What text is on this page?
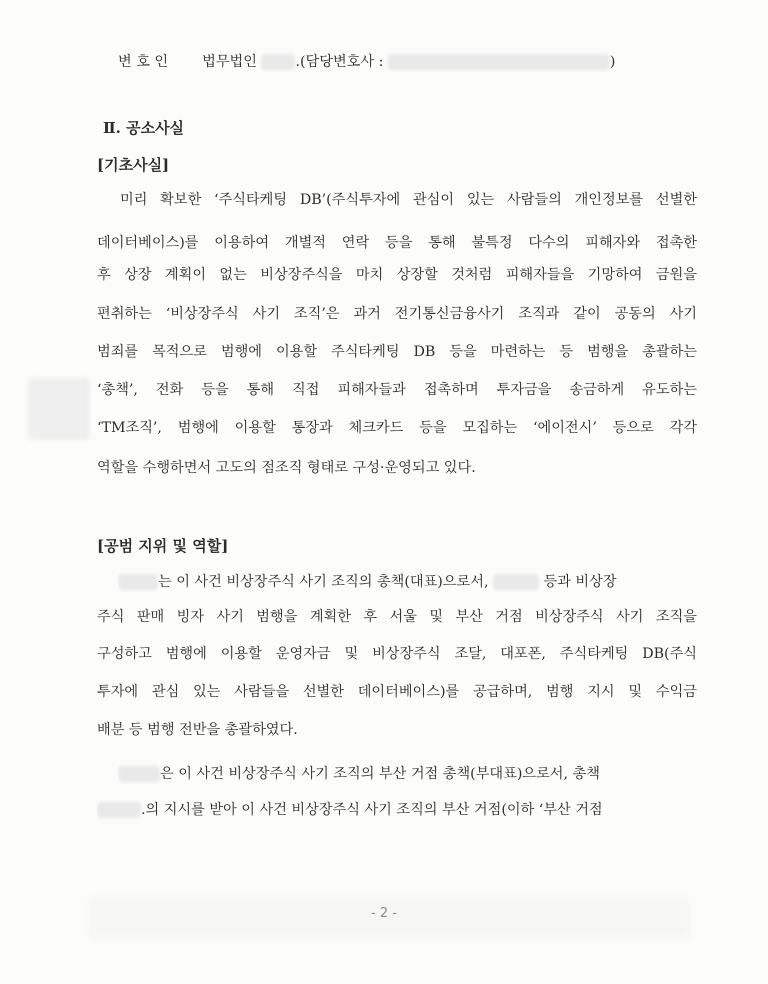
변 호 인 법무법인	.(담당변호사 :	)
Ⅱ. 공소사실
[기초사실]
미리 확보한 ‘주식타케팅 DB’(주식투자에 관심이 있는 사람들의 개인정보를 선별한
데이터베이스)를 이용하여 개별적 연락 등을 통해 불특정 다수의 피해자와 접촉한
후 상장 계획이 없는 비상장주식을 마치 상장할 것처럼 피해자들을 기망하여 금원을
편취하는 ‘비상장주식 사기 조직’은 과거 전기통신금융사기 조직과 같이 공동의 사기
범죄를 목적으로 범행에 이용할 주식타케팅 DB 등을 마련하는 등 범행을 총괄하는
‘총책’, 전화 등을 통해 직접 피해자들과 접촉하며 투자금을 송금하게 유도하는
‘TM조직’, 범행에 이용할 통장과 체크카드 등을 모집하는 ‘에이전시’ 등으로 각각
역할을 수행하면서 고도의 점조직 형태로 구성·운영되고 있다.
[공범 지위 및 역할]
는 이 사건 비상장주식 사기 조직의 총책(대표)으로서,	등과 비상장
주식 판매 빙자 사기 범행을 계획한 후 서울 및 부산 거점 비상장주식 사기 조직을
구성하고 범행에 이용할 운영자금 및 비상장주식 조달, 대포폰, 주식타케팅 DB(주식
투자에 관심 있는 사람들을 선별한 데이터베이스)를 공급하며, 범행 지시 및 수익금
배분 등 범행 전반을 총괄하였다.
은 이 사건 비상장주식 사기 조직의 부산 거점 총책(부대표)으로서, 총책
.의 지시를 받아 이 사건 비상장주식 사기 조직의 부산 거점(이하 ‘부산 거점
- 2 -
